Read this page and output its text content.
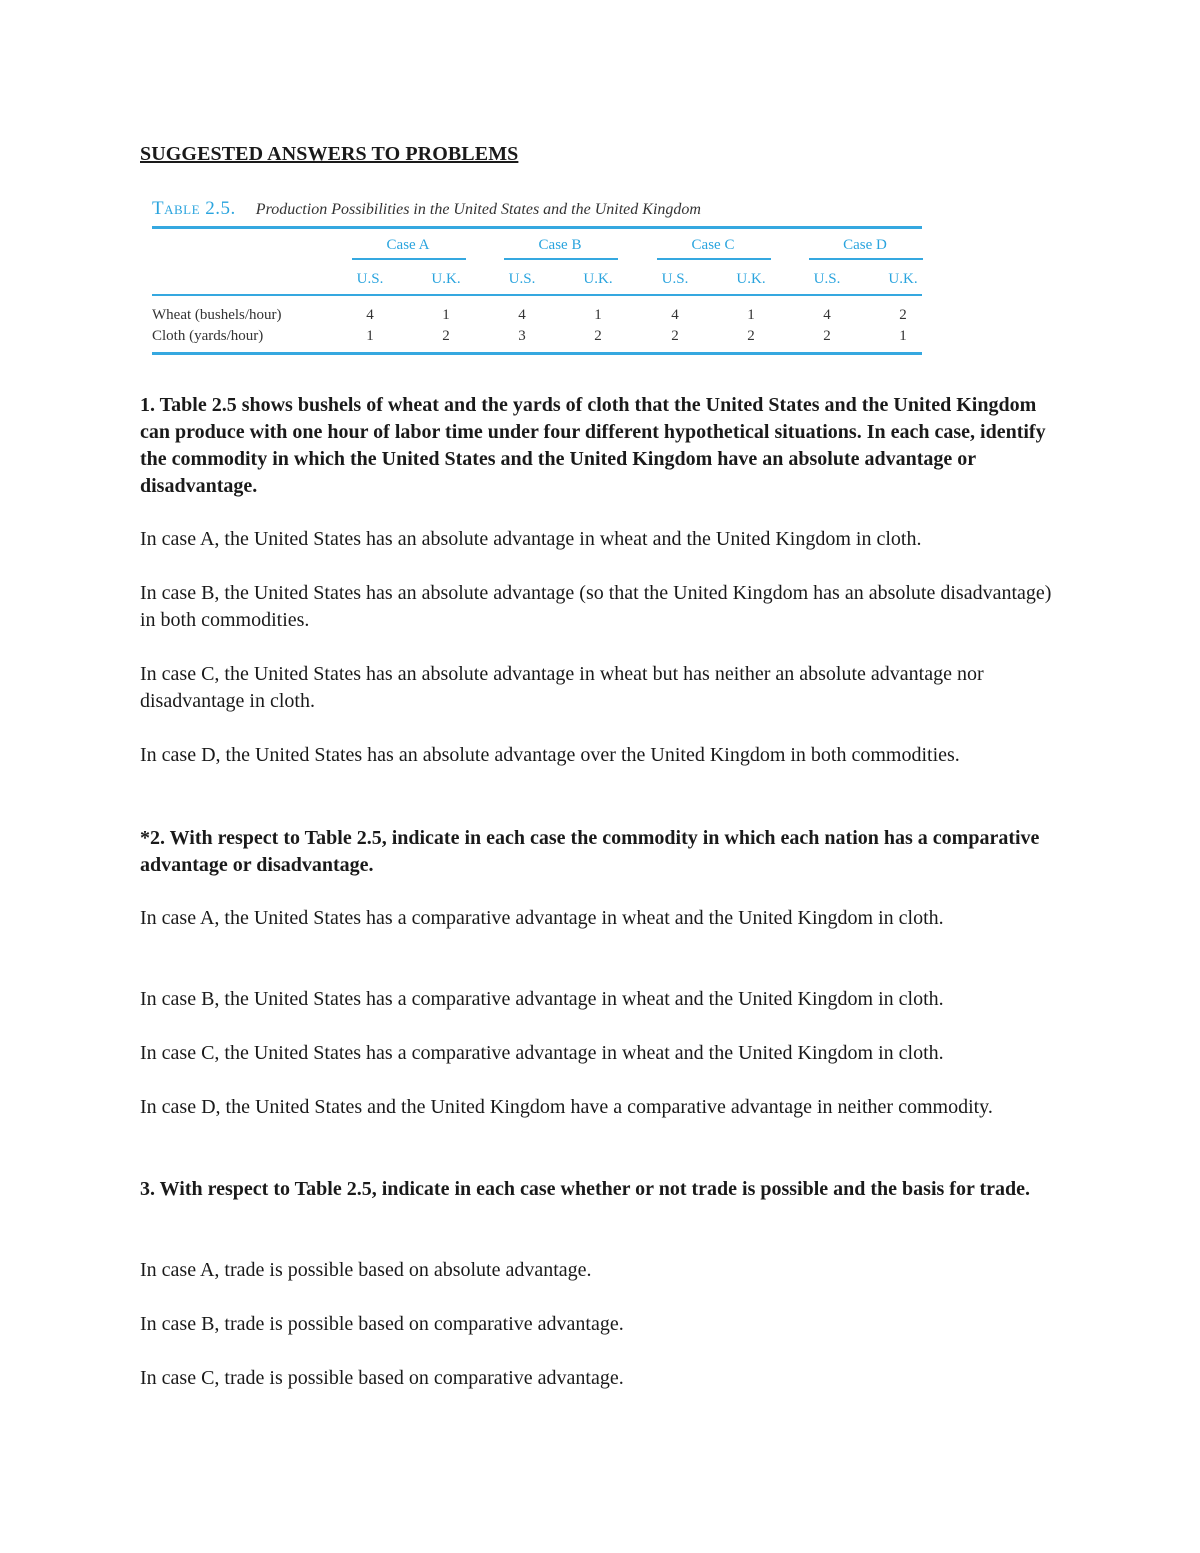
SUGGESTED ANSWERS TO PROBLEMS
Table 2.5. Production Possibilities in the United States and the United Kingdom
Case A	Case B	Case C	Case D
U.S.	U.K.	U.S.	U.K.	U.S.	U.K.	U.S.	U.K.
Wheat (bushels/hour)	4	1	4	1	4	1	4	2
Cloth (yards/hour)	1	2	3	2	2	2	2	1

1. Table 2.5 shows bushels of wheat and the yards of cloth that the United States and the United Kingdom can produce with one hour of labor time under four different hypothetical situations. In each case, identify the commodity in which the United States and the United Kingdom have an absolute advantage or disadvantage.

In case A, the United States has an absolute advantage in wheat and the United Kingdom in cloth.

In case B, the United States has an absolute advantage (so that the United Kingdom has an absolute disadvantage) in both commodities.

In case C, the United States has an absolute advantage in wheat but has neither an absolute advantage nor disadvantage in cloth.

In case D, the United States has an absolute advantage over the United Kingdom in both commodities.

*2. With respect to Table 2.5, indicate in each case the commodity in which each nation has a comparative advantage or disadvantage.

In case A, the United States has a comparative advantage in wheat and the United Kingdom in cloth.

In case B, the United States has a comparative advantage in wheat and the United Kingdom in cloth.

In case C, the United States has a comparative advantage in wheat and the United Kingdom in cloth.

In case D, the United States and the United Kingdom have a comparative advantage in neither commodity.

3. With respect to Table 2.5, indicate in each case whether or not trade is possible and the basis for trade.

In case A, trade is possible based on absolute advantage.

In case B, trade is possible based on comparative advantage.

In case C, trade is possible based on comparative advantage.
